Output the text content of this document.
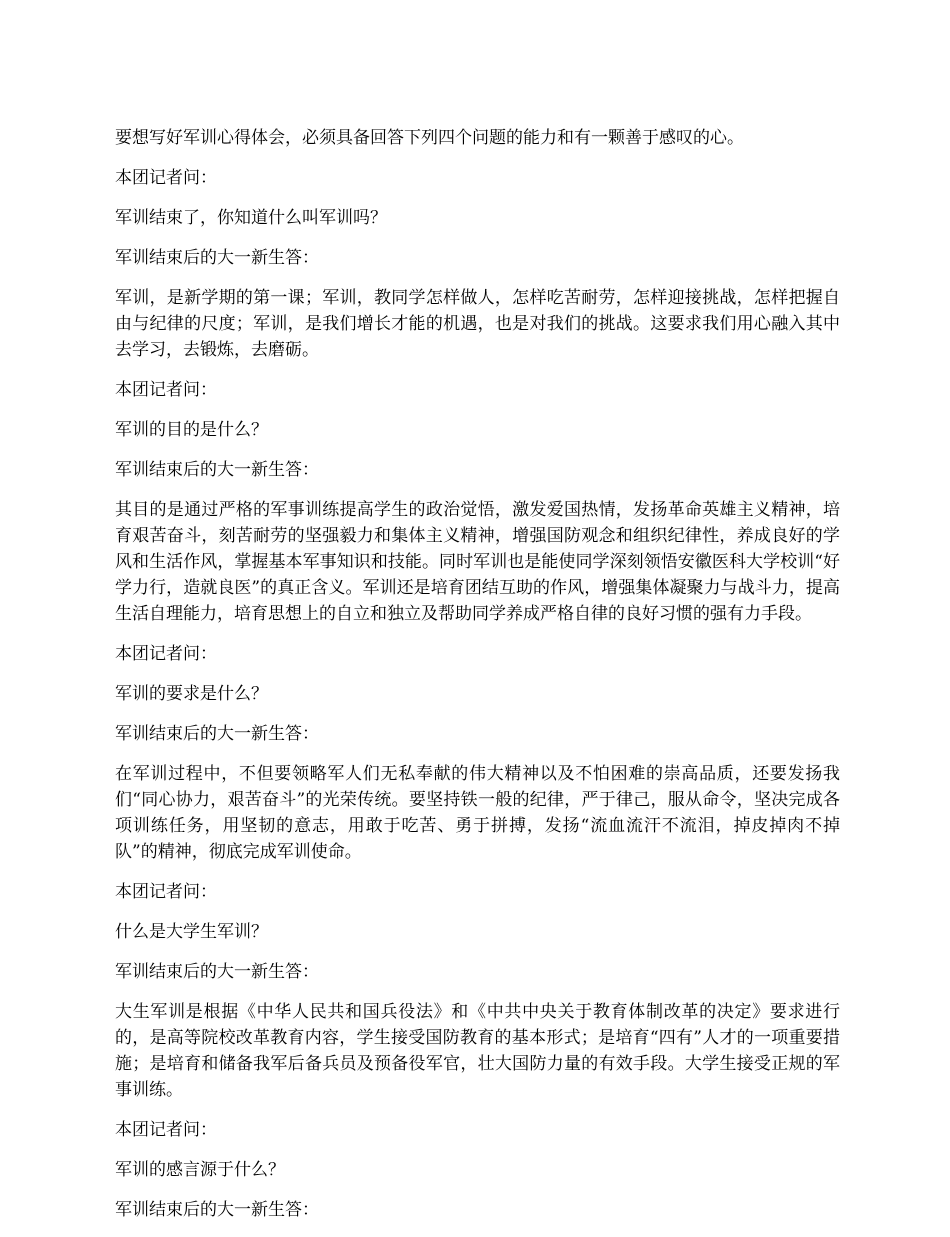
要想写好军训心得体会，必须具备回答下列四个问题的能力和有一颗善于感叹的心。

本团记者问：

军训结束了，你知道什么叫军训吗？

军训结束后的大一新生答：

军训，是新学期的第一课；军训，教同学怎样做人，怎样吃苦耐劳，怎样迎接挑战，怎样把握自由与纪律的尺度；军训，是我们增长才能的机遇，也是对我们的挑战。这要求我们用心融入其中去学习，去锻炼，去磨砺。

本团记者问：

军训的目的是什么？

军训结束后的大一新生答：

其目的是通过严格的军事训练提高学生的政治觉悟，激发爱国热情，发扬革命英雄主义精神，培育艰苦奋斗，刻苦耐劳的坚强毅力和集体主义精神，增强国防观念和组织纪律性，养成良好的学风和生活作风，掌握基本军事知识和技能。同时军训也是能使同学深刻领悟安徽医科大学校训“好学力行，造就良医”的真正含义。军训还是培育团结互助的作风，增强集体凝聚力与战斗力，提高生活自理能力，培育思想上的自立和独立及帮助同学养成严格自律的良好习惯的强有力手段。

本团记者问：

军训的要求是什么？

军训结束后的大一新生答：

在军训过程中，不但要领略军人们无私奉献的伟大精神以及不怕困难的崇高品质，还要发扬我们“同心协力，艰苦奋斗”的光荣传统。要坚持铁一般的纪律，严于律己，服从命令，坚决完成各项训练任务，用坚韧的意志，用敢于吃苦、勇于拼搏，发扬“流血流汗不流泪，掉皮掉肉不掉队”的精神，彻底完成军训使命。

本团记者问：

什么是大学生军训？

军训结束后的大一新生答：

大生军训是根据《中华人民共和国兵役法》和《中共中央关于教育体制改革的决定》要求进行的，是高等院校改革教育内容，学生接受国防教育的基本形式；是培育“四有”人才的一项重要措施；是培育和储备我军后备兵员及预备役军官，壮大国防力量的有效手段。大学生接受正规的军事训练。

本团记者问：

军训的感言源于什么？

军训结束后的大一新生答：
